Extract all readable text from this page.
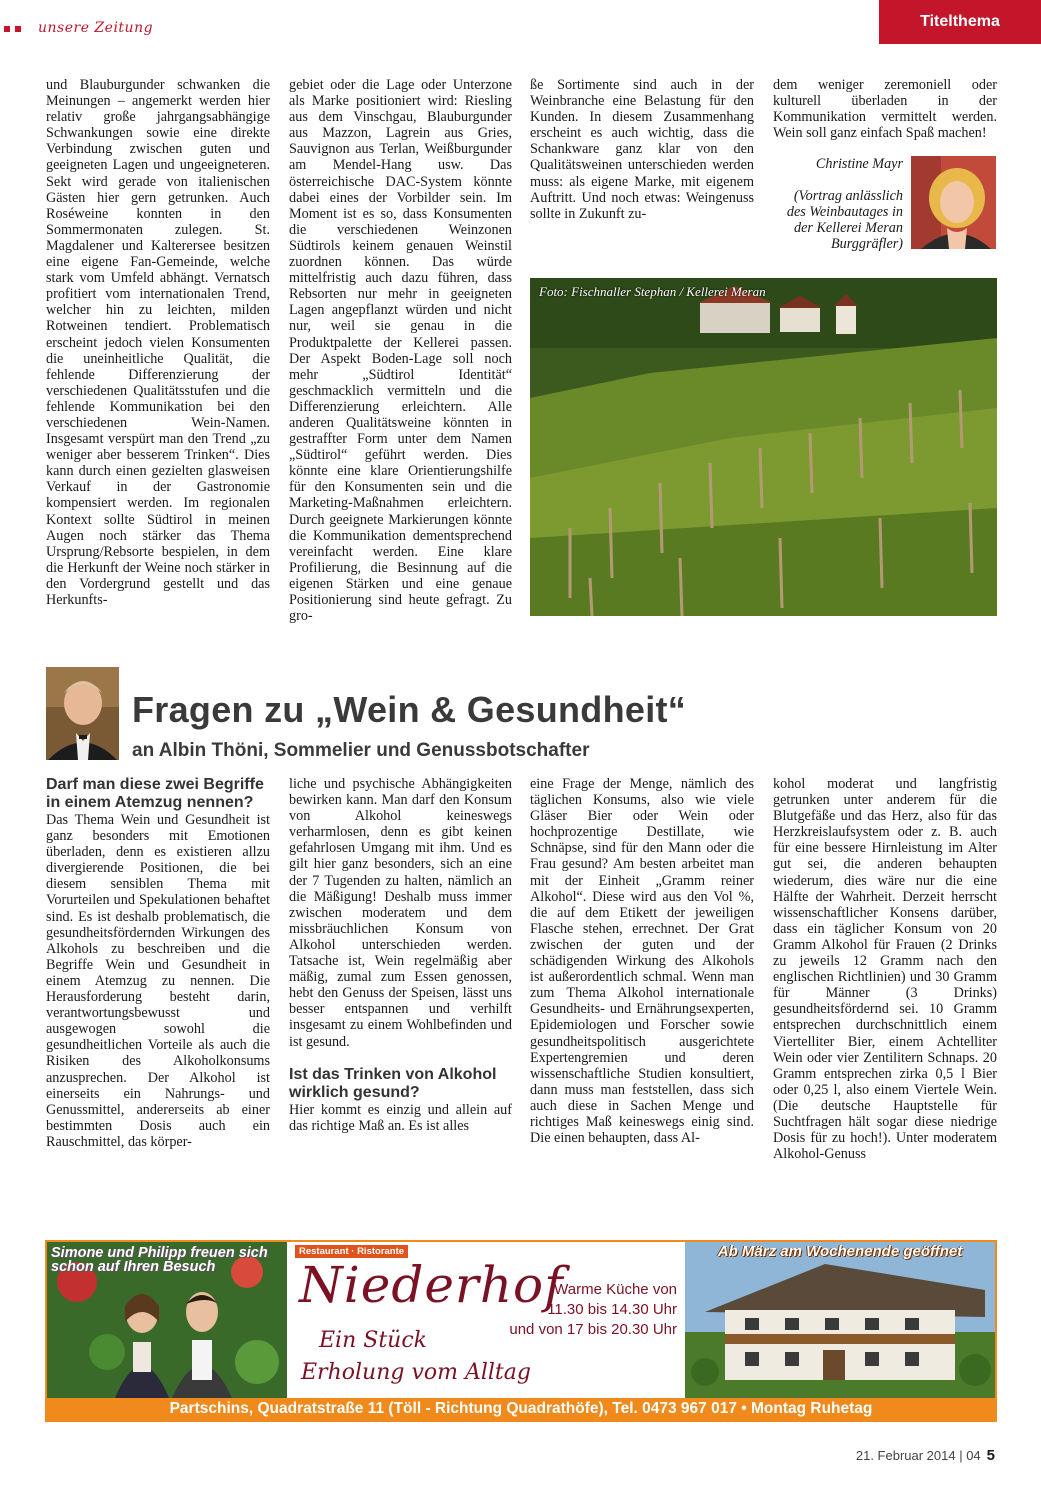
unsere Zeitung	Titelthema
und Blauburgunder schwanken die Meinungen – angemerkt werden hier relativ große jahrgangsabhängige Schwankungen sowie eine direkte Verbindung zwischen guten und geeigneten Lagen und ungeeigneteren. Sekt wird gerade von italienischen Gästen hier gern getrunken. Auch Roséweine konnten in den Sommermonaten zulegen. St. Magdalener und Kalterersee besitzen eine eigene Fan-Gemeinde, welche stark vom Umfeld abhängt. Vernatsch profitiert vom internationalen Trend, welcher hin zu leichten, milden Rotweinen tendiert. Problematisch erscheint jedoch vielen Konsumenten die uneinheitliche Qualität, die fehlende Differenzierung der verschiedenen Qualitätsstufen und die fehlende Kommunikation bei den verschiedenen Wein-Namen. Insgesamt verspürt man den Trend „zu weniger aber besserem Trinken“. Dies kann durch einen gezielten glasweisen Verkauf in der Gastronomie kompensiert werden. Im regionalen Kontext sollte Südtirol in meinen Augen noch stärker das Thema Ursprung/Rebsorte bespielen, in dem die Herkunft der Weine noch stärker in den Vordergrund gestellt und das Herkunfts-
gebiet oder die Lage oder Unterzone als Marke positioniert wird: Riesling aus dem Vinschgau, Blauburgunder aus Mazzon, Lagrein aus Gries, Sauvignon aus Terlan, Weißburgunder am Mendel-Hang usw. Das österreichische DAC-System könnte dabei eines der Vorbilder sein. Im Moment ist es so, dass Konsumenten die verschiedenen Weinzonen Südtirols keinem genauen Weinstil zuordnen können. Das würde mittelfristig auch dazu führen, dass Rebsorten nur mehr in geeigneten Lagen angepflanzt würden und nicht nur, weil sie genau in die Produktpalette der Kellerei passen. Der Aspekt Boden-Lage soll noch mehr „Südtirol Identität“ geschmacklich vermitteln und die Differenzierung erleichtern. Alle anderen Qualitätsweine könnten in gestraffter Form unter dem Namen „Südtirol“ geführt werden. Dies könnte eine klare Orientierungshilfe für den Konsumenten sein und die Marketing-Maßnahmen erleichtern. Durch geeignete Markierungen könnte die Kommunikation dementsprechend vereinfacht werden. Eine klare Profilierung, die Besinnung auf die eigenen Stärken und eine genaue Positionierung sind heute gefragt. Zu gro-
ße Sortimente sind auch in der Weinbranche eine Belastung für den Kunden. In diesem Zusammenhang erscheint es auch wichtig, dass die Schankware ganz klar von den Qualitätsweinen unterschieden werden muss: als eigene Marke, mit eigenem Auftritt. Und noch etwas: Weingenuss sollte in Zukunft zu-
dem weniger zeremoniell oder kulturell überladen in der Kommunikation vermittelt werden. Wein soll ganz einfach Spaß machen!
Christine Mayr
(Vortrag anlässlich des Weinbautages in der Kellerei Meran Burggräfler)
Foto: Fischnaller Stephan / Kellerei Meran
Fragen zu „Wein & Gesundheit“
an Albin Thöni, Sommelier und Genussbotschafter

Darf man diese zwei Begriffe in einem Atemzug nennen?

Das Thema Wein und Gesundheit ist ganz besonders mit Emotionen überladen, denn es existieren allzu divergierende Positionen, die bei diesem sensiblen Thema mit Vorurteilen und Spekulationen behaftet sind. Es ist deshalb problematisch, die gesundheitsfördernden Wirkungen des Alkohols zu beschreiben und die Begriffe Wein und Gesundheit in einem Atemzug zu nennen. Die Herausforderung besteht darin, verantwortungsbewusst und ausgewogen sowohl die gesundheitlichen Vorteile als auch die Risiken des Alkoholkonsums anzusprechen. Der Alkohol ist einerseits ein Nahrungs- und Genussmittel, andererseits ab einer bestimmten Dosis auch ein Rauschmittel, das körper-

liche und psychische Abhängigkeiten bewirken kann. Man darf den Konsum von Alkohol keineswegs verharmlosen, denn es gibt keinen gefahrlosen Umgang mit ihm. Und es gilt hier ganz besonders, sich an eine der 7 Tugenden zu halten, nämlich an die Mäßigung! Deshalb muss immer zwischen moderatem und dem missbräuchlichen Konsum von Alkohol unterschieden werden. Tatsache ist, Wein regelmäßig aber mäßig, zumal zum Essen genossen, hebt den Genuss der Speisen, lässt uns besser entspannen und verhilft insgesamt zu einem Wohlbefinden und ist gesund.

Ist das Trinken von Alkohol wirklich gesund?

Hier kommt es einzig und allein auf das richtige Maß an. Es ist alles

eine Frage der Menge, nämlich des täglichen Konsums, also wie viele Gläser Bier oder Wein oder hochprozentige Destillate, wie Schnäpse, sind für den Mann oder die Frau gesund? Am besten arbeitet man mit der Einheit „Gramm reiner Alkohol“. Diese wird aus den Vol %, die auf dem Etikett der jeweiligen Flasche stehen, errechnet. Der Grat zwischen der guten und der schädigenden Wirkung des Alkohols ist außerordentlich schmal. Wenn man zum Thema Alkohol internationale Gesundheits- und Ernährungsexperten, Epidemiologen und Forscher sowie gesundheitspolitisch ausgerichtete Expertengremien und deren wissenschaftliche Studien konsultiert, dann muss man feststellen, dass sich auch diese in Sachen Menge und richtiges Maß keineswegs einig sind. Die einen behaupten, dass Al-
kohol moderat und langfristig getrunken unter anderem für die Blutgefäße und das Herz, also für das Herzkreislaufsystem oder z. B. auch für eine bessere Hirnleistung im Alter gut sei, die anderen behaupten wiederum, dies wäre nur die eine Hälfte der Wahrheit. Derzeit herrscht wissenschaftlicher Konsens darüber, dass ein täglicher Konsum von 20 Gramm Alkohol für Frauen (2 Drinks zu jeweils 12 Gramm nach den englischen Richtlinien) und 30 Gramm für Männer (3 Drinks) gesundheitsfördernd sei. 10 Gramm entsprechen durchschnittlich einem Viertelliter Bier, einem Achtelliter Wein oder vier Zentilitern Schnaps. 20 Gramm entsprechen zirka 0,5 l Bier oder 0,25 l, also einem Viertele Wein. (Die deutsche Hauptstelle für Suchtfragen hält sogar diese niedrige Dosis für zu hoch!). Unter moderatem Alkohol-Genuss
Simone und Philipp freuen sich schon auf Ihren Besuch
Restaurant · Ristorante
Niederhof
Ein Stück
Erholung vom Alltag
Warme Küche von
11.30 bis 14.30 Uhr
und von 17 bis 20.30 Uhr
Ab März am Wochenende geöffnet
Partschins, Quadratstraße 11 (Töll - Richtung Quadrathöfe), Tel. 0473 967 017 • Montag Ruhetag
21. Februar 2014 | 04 5
